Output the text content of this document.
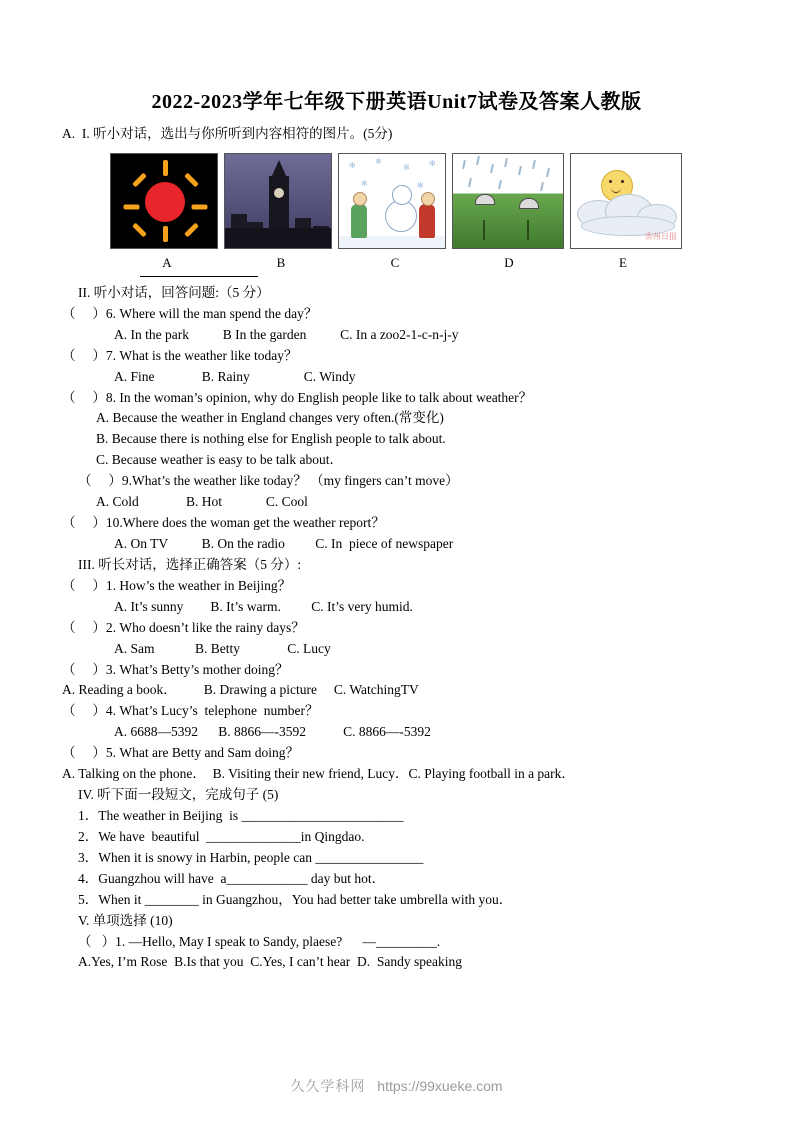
2022-2023学年七年级下册英语Unit7试卷及答案人教版

A.  I. 听小对话，选出与你所听到内容相符的图片。(5分)

✻ ✻
✻ ✻
✻	✻
❀州日报
A	B	C	D	E

II. 听小对话，回答问题:（5 分）

（     ）6. Where will the man spend the day？

A. In the park          B In the garden          C. In a zoo2-1-c-n-j-y

（     ）7. What is the weather like today？

A. Fine              B. Rainy                C. Windy

（     ）8. In the woman’s opinion, why do English people like to talk about weather？

A. Because the weather in England changes very often.(常变化)

B. Because there is nothing else for English people to talk about.

C. Because weather is easy to be talk about．

（     ）9.What’s the weather like today？ （my fingers can’t move）

A. Cold              B. Hot             C. Cool

（     ）10.Where does the woman get the weather report？

A. On TV          B. On the radio         C. In  piece of newspaper

III. 听长对话，选择正确答案（5 分）:

（     ）1. How’s the weather in Beijing？

A. It’s sunny        B. It’s warm.         C. It’s very humid.

（     ）2. Who doesn’t like the rainy days？

A. Sam            B. Betty              C. Lucy

（     ）3. What’s Betty’s mother doing？

A. Reading a book．        B. Drawing a picture     C. WatchingTV

（     ）4. What’s Lucy’s  telephone  number？

A. 6688—5392      B. 8866—-3592           C. 8866—-5392

（     ）5. What are Betty and Sam doing？

A. Talking on the phone．  B. Visiting their new friend, Lucy．C. Playing football in a park．

IV. 听下面一段短文，完成句子 (5)

1．The weather in Beijing  is ________________________

2．We have  beautiful  ______________in Qingdao.

3．When it is snowy in Harbin, people can ________________

4．Guangzhou will have  a____________ day but hot．

5．When it ________ in Guangzhou，You had better take umbrella with you．

V. 单项选择 (10)

（   ）1. —Hello, May I speak to Sandy, plaese?      —_________.

A.Yes, I’m Rose  B.Is that you  C.Yes, I can’t hear  D.  Sandy speaking

久久学科网 https://99xueke.com
